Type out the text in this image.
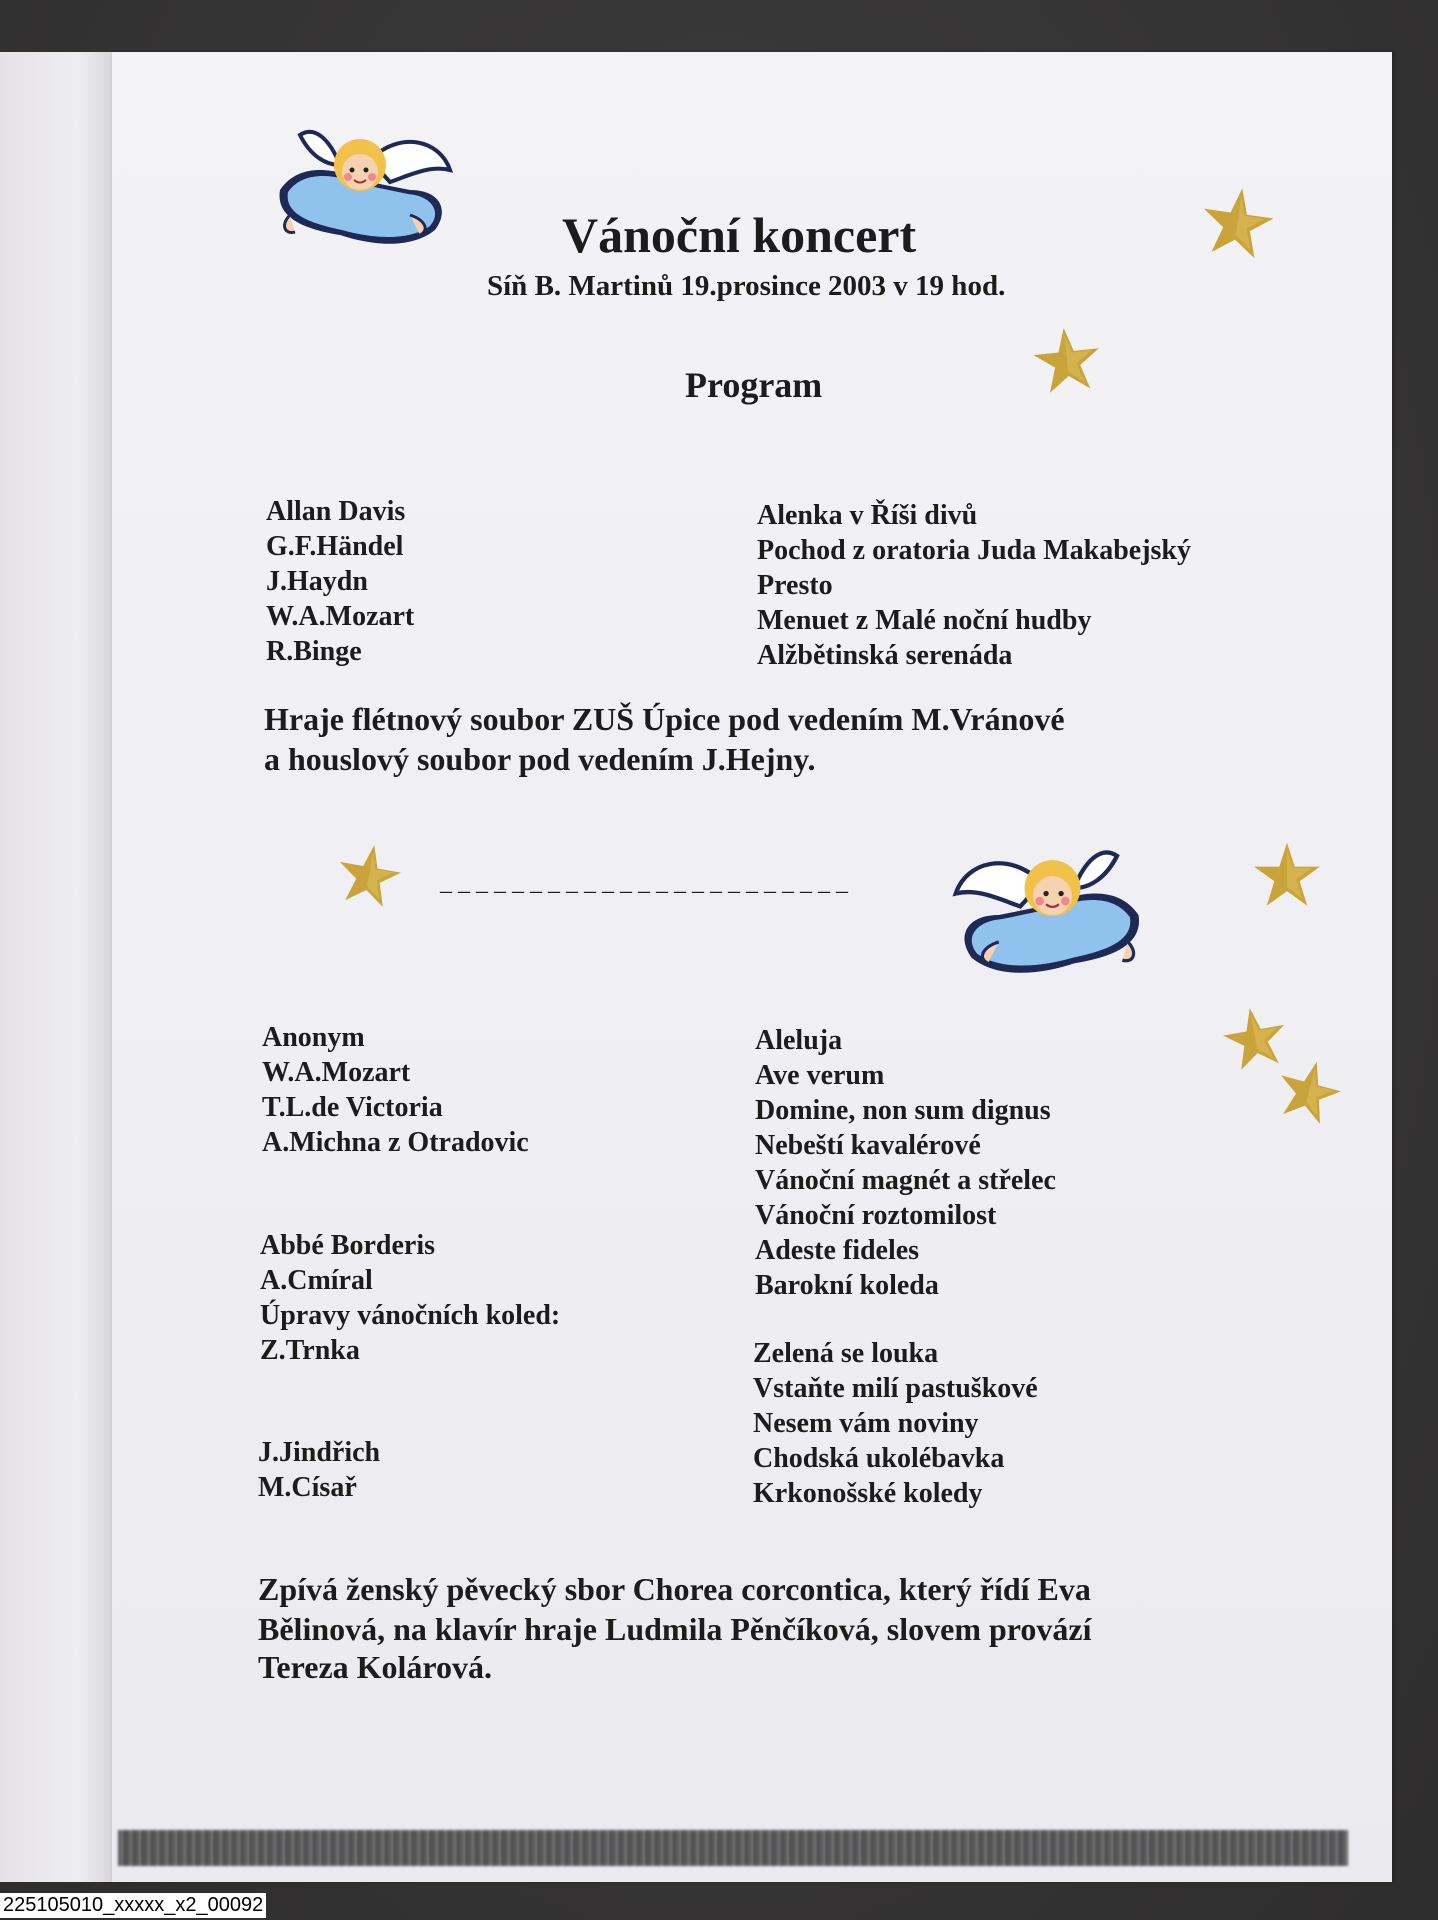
Vánoční koncert
Síň B. Martinů 19.prosince 2003 v 19 hod.
Program
Allan Davis
G.F.Händel
J.Haydn
W.A.Mozart
R.Binge
Alenka v Říši divů
Pochod z oratoria Juda Makabejský
Presto
Menuet z Malé noční hudby
Alžbětinská serenáda
Hraje flétnový soubor ZUŠ Úpice pod vedením M.Vránové
a houslový soubor pod vedením J.Hejny.
_ _ _ _ _ _ _ _ _ _ _ _ _ _ _ _ _ _ _ _ _ _ _
Anonym
W.A.Mozart
T.L.de Victoria
A.Michna z Otradovic
Abbé Borderis
A.Cmíral
Úpravy vánočních koled:
Z.Trnka
J.Jindřich
M.Císař
Aleluja
Ave verum
Domine, non sum dignus
Nebeští kavalérové
Vánoční magnét a střelec
Vánoční roztomilost
Adeste fideles
Barokní koleda
Zelená se louka
Vstaňte milí pastuškové
Nesem vám noviny
Chodská ukolébavka
Krkonošské koledy
Zpívá ženský pěvecký sbor Chorea corcontica, který řídí Eva
Bělinová, na klavír hraje Ludmila Pěnčíková, slovem provází
Tereza Kolárová.
225105010_xxxxx_x2_00092
